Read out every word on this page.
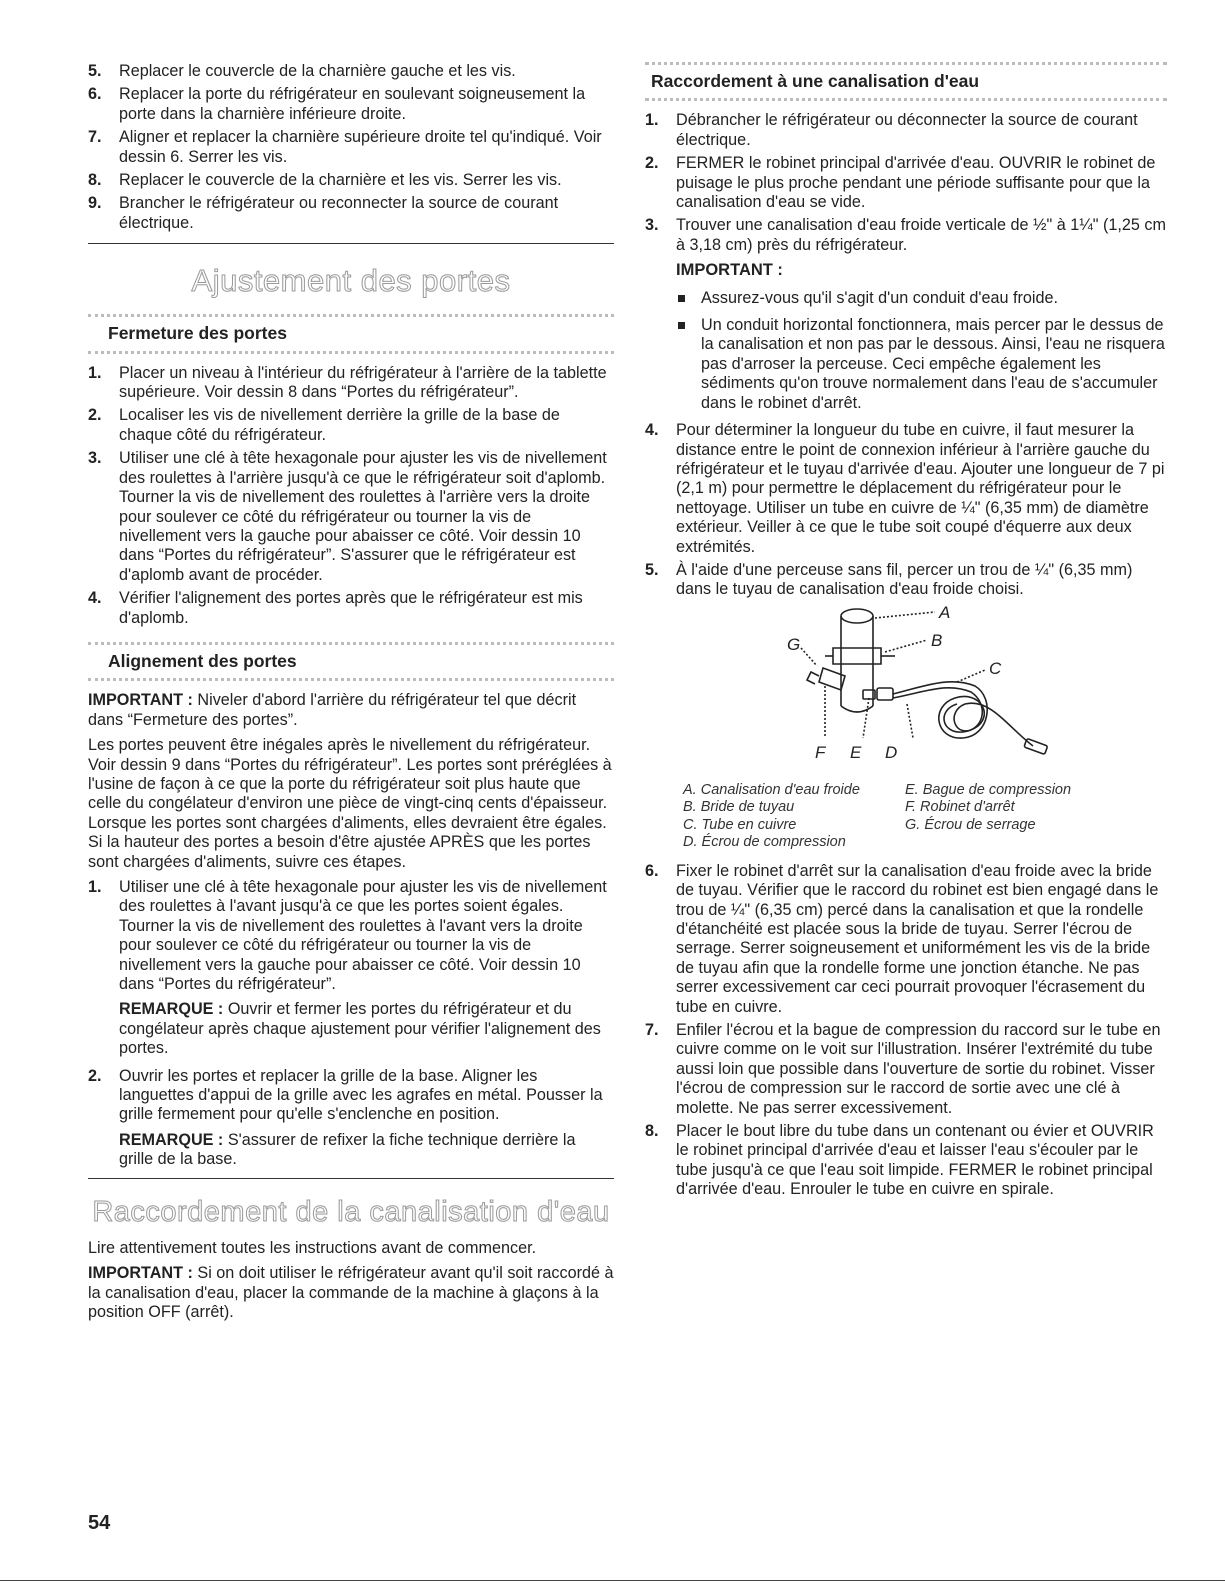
5. Replacer le couvercle de la charnière gauche et les vis.
6. Replacer la porte du réfrigérateur en soulevant soigneusement la porte dans la charnière inférieure droite.
7. Aligner et replacer la charnière supérieure droite tel qu'indiqué. Voir dessin 6. Serrer les vis.
8. Replacer le couvercle de la charnière et les vis. Serrer les vis.
9. Brancher le réfrigérateur ou reconnecter la source de courant électrique.
Ajustement des portes
Fermeture des portes
1. Placer un niveau à l'intérieur du réfrigérateur à l'arrière de la tablette supérieure. Voir dessin 8 dans “Portes du réfrigérateur”.
2. Localiser les vis de nivellement derrière la grille de la base de chaque côté du réfrigérateur.
3. Utiliser une clé à tête hexagonale pour ajuster les vis de nivellement des roulettes à l'arrière jusqu'à ce que le réfrigérateur soit d'aplomb. Tourner la vis de nivellement des roulettes à l'arrière vers la droite pour soulever ce côté du réfrigérateur ou tourner la vis de nivellement vers la gauche pour abaisser ce côté. Voir dessin 10 dans “Portes du réfrigérateur”. S'assurer que le réfrigérateur est d'aplomb avant de procéder.
4. Vérifier l'alignement des portes après que le réfrigérateur est mis d'aplomb.
Alignement des portes

IMPORTANT : Niveler d'abord l'arrière du réfrigérateur tel que décrit dans “Fermeture des portes”.

Les portes peuvent être inégales après le nivellement du réfrigérateur. Voir dessin 9 dans “Portes du réfrigérateur”. Les portes sont préréglées à l'usine de façon à ce que la porte du réfrigérateur soit plus haute que celle du congélateur d'environ une pièce de vingt-cinq cents d'épaisseur. Lorsque les portes sont chargées d'aliments, elles devraient être égales. Si la hauteur des portes a besoin d'être ajustée APRÈS que les portes sont chargées d'aliments, suivre ces étapes.

1. Utiliser une clé à tête hexagonale pour ajuster les vis de nivellement des roulettes à l'avant jusqu'à ce que les portes soient égales. Tourner la vis de nivellement des roulettes à l'avant vers la droite pour soulever ce côté du réfrigérateur ou tourner la vis de nivellement vers la gauche pour abaisser ce côté. Voir dessin 10 dans “Portes du réfrigérateur”.
REMARQUE : Ouvrir et fermer les portes du réfrigérateur et du congélateur après chaque ajustement pour vérifier l'alignement des portes.
2. Ouvrir les portes et replacer la grille de la base. Aligner les languettes d'appui de la grille avec les agrafes en métal. Pousser la grille fermement pour qu'elle s'enclenche en position.
REMARQUE : S'assurer de refixer la fiche technique derrière la grille de la base.
Raccordement de la canalisation d'eau

Lire attentivement toutes les instructions avant de commencer.

IMPORTANT : Si on doit utiliser le réfrigérateur avant qu'il soit raccordé à la canalisation d'eau, placer la commande de la machine à glaçons à la position OFF (arrêt).

Raccordement à une canalisation d'eau
1. Débrancher le réfrigérateur ou déconnecter la source de courant électrique.
2. FERMER le robinet principal d'arrivée d'eau. OUVRIR le robinet de puisage le plus proche pendant une période suffisante pour que la canalisation d'eau se vide.
3. Trouver une canalisation d'eau froide verticale de ½" à 1¼" (1,25 cm à 3,18 cm) près du réfrigérateur.
IMPORTANT :
Assurez-vous qu'il s'agit d'un conduit d'eau froide.
Un conduit horizontal fonctionnera, mais percer par le dessus de la canalisation et non pas par le dessous. Ainsi, l'eau ne risquera pas d'arroser la perceuse. Ceci empêche également les sédiments qu'on trouve normalement dans l'eau de s'accumuler dans le robinet d'arrêt.
4. Pour déterminer la longueur du tube en cuivre, il faut mesurer la distance entre le point de connexion inférieur à l'arrière gauche du réfrigérateur et le tuyau d'arrivée d'eau. Ajouter une longueur de 7 pi (2,1 m) pour permettre le déplacement du réfrigérateur pour le nettoyage. Utiliser un tube en cuivre de ¼" (6,35 mm) de diamètre extérieur. Veiller à ce que le tube soit coupé d'équerre aux deux extrémités.
5. À l'aide d'une perceuse sans fil, percer un trou de ¼" (6,35 mm) dans le tuyau de canalisation d'eau froide choisi.
A
B
C
D
E
F
G
A. Canalisation d'eau froide
B. Bride de tuyau
C. Tube en cuivre
D. Écrou de compression
E. Bague de compression
F. Robinet d'arrêt
G. Écrou de serrage
6. Fixer le robinet d'arrêt sur la canalisation d'eau froide avec la bride de tuyau. Vérifier que le raccord du robinet est bien engagé dans le trou de ¼" (6,35 cm) percé dans la canalisation et que la rondelle d'étanchéité est placée sous la bride de tuyau. Serrer l'écrou de serrage. Serrer soigneusement et uniformément les vis de la bride de tuyau afin que la rondelle forme une jonction étanche. Ne pas serrer excessivement car ceci pourrait provoquer l'écrasement du tube en cuivre.
7. Enfiler l'écrou et la bague de compression du raccord sur le tube en cuivre comme on le voit sur l'illustration. Insérer l'extrémité du tube aussi loin que possible dans l'ouverture de sortie du robinet. Visser l'écrou de compression sur le raccord de sortie avec une clé à molette. Ne pas serrer excessivement.
8. Placer le bout libre du tube dans un contenant ou évier et OUVRIR le robinet principal d'arrivée d'eau et laisser l'eau s'écouler par le tube jusqu'à ce que l'eau soit limpide. FERMER le robinet principal d'arrivée d'eau. Enrouler le tube en cuivre en spirale.
54
